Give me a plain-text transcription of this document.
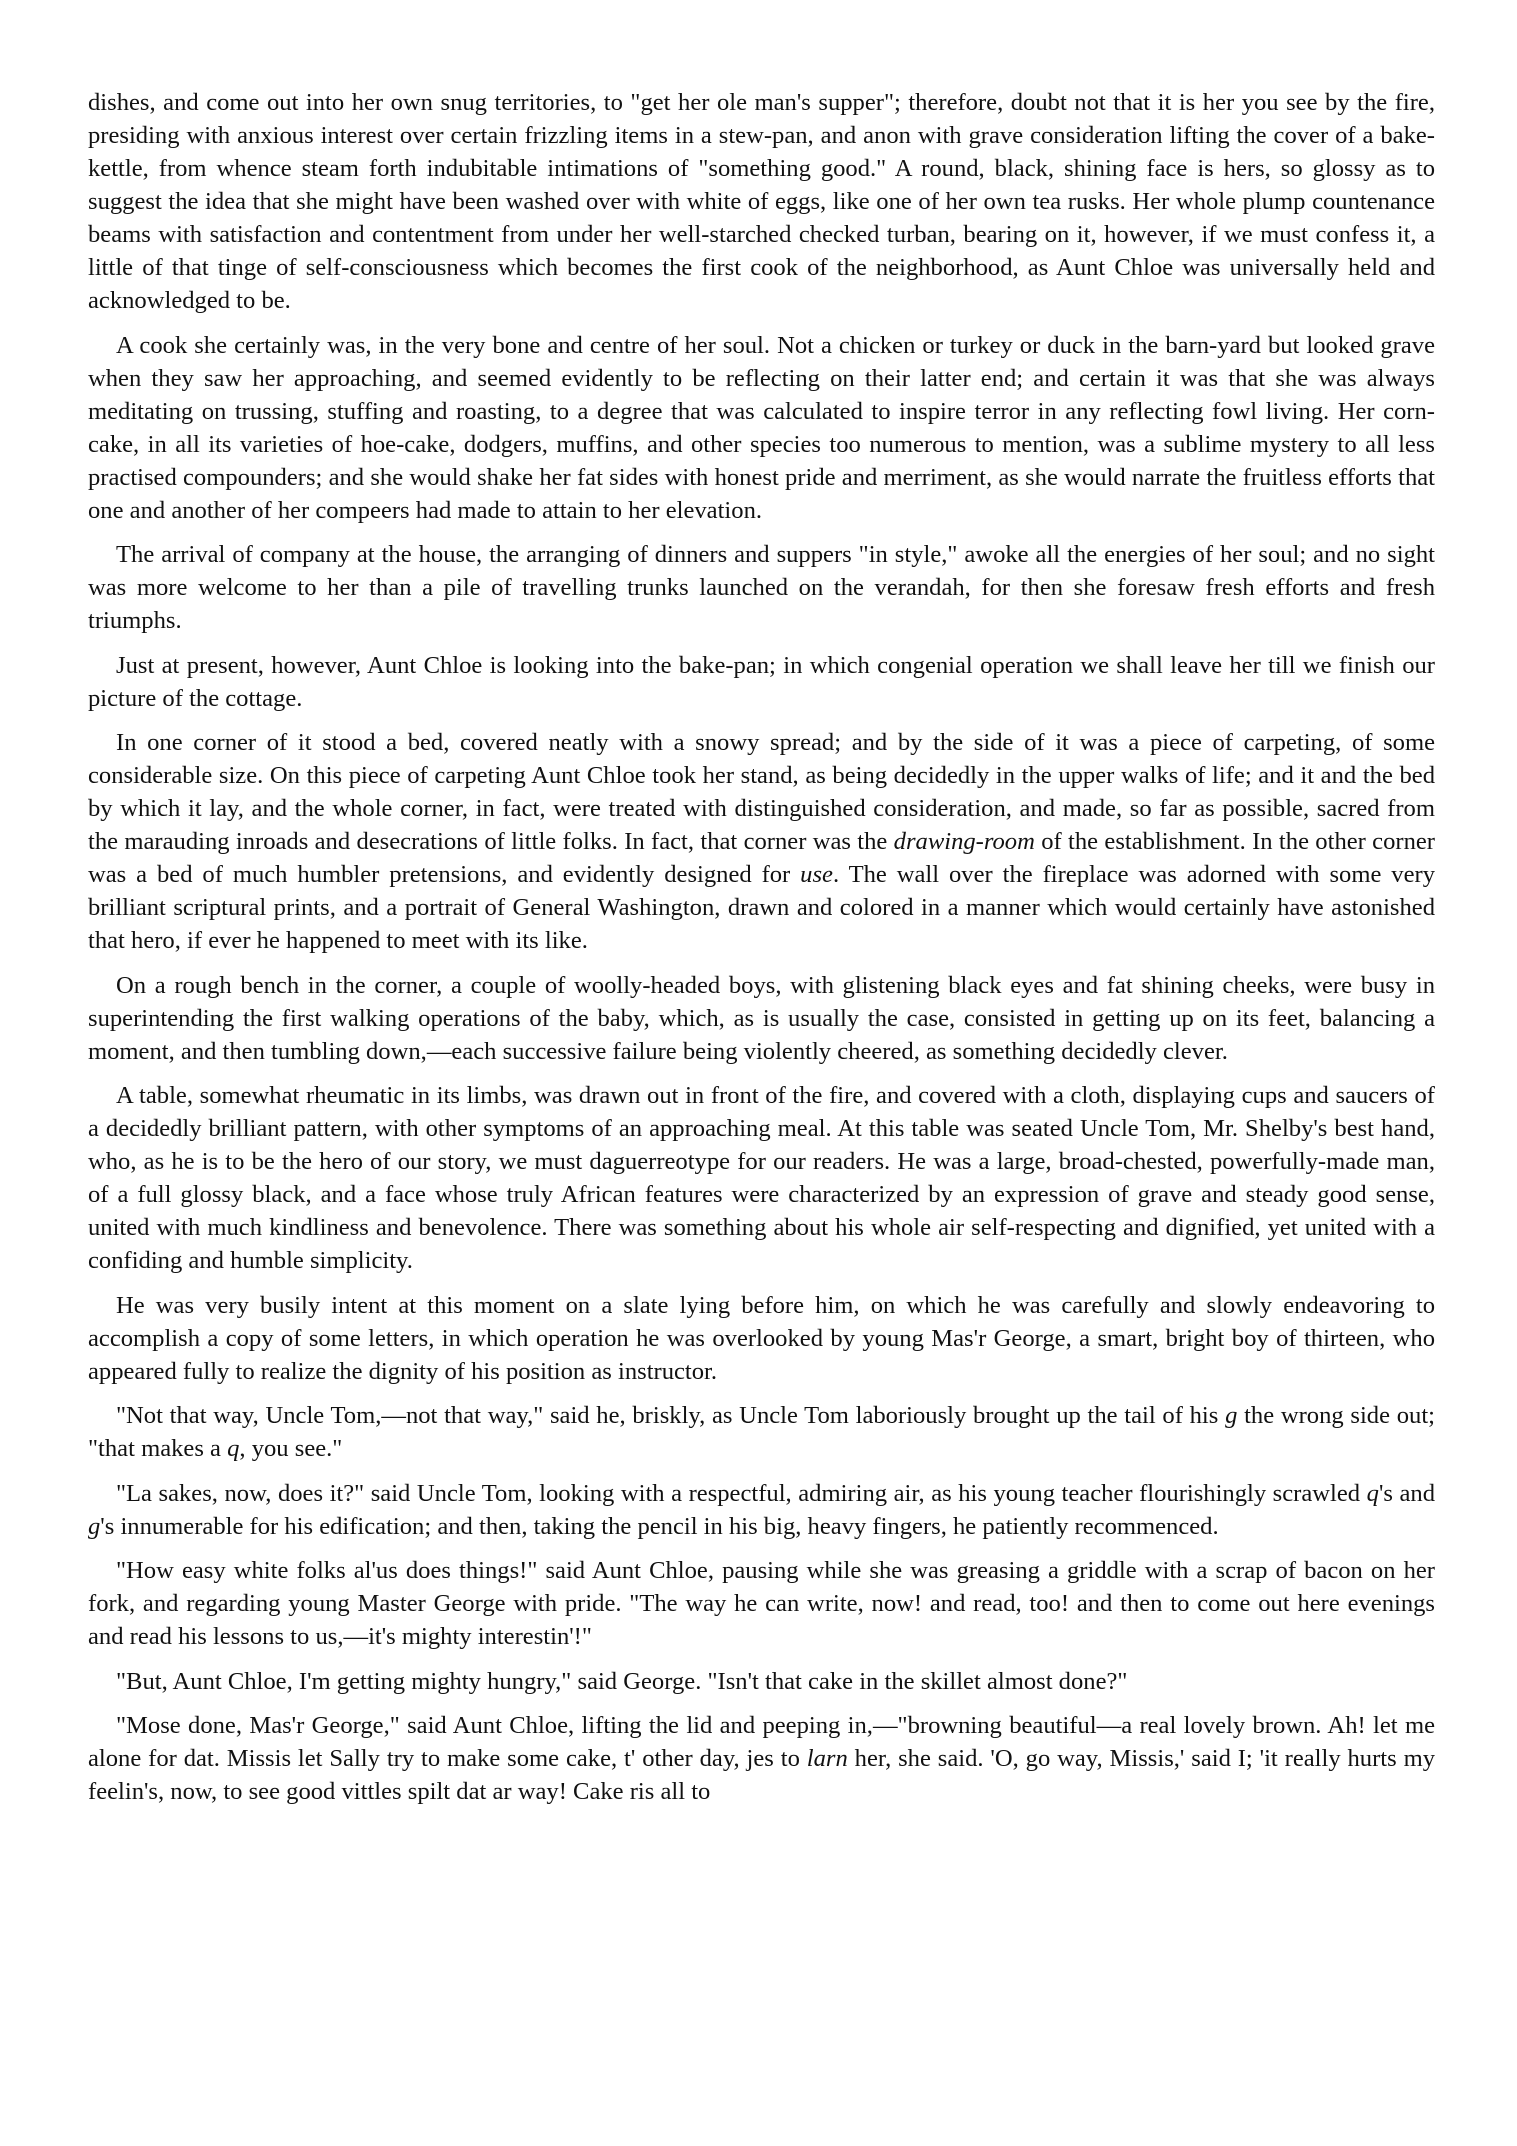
dishes, and come out into her own snug territories, to "get her ole man's supper"; therefore, doubt not that it is her you see by the fire, presiding with anxious interest over certain frizzling items in a stew-pan, and anon with grave consideration lifting the cover of a bake-kettle, from whence steam forth indubitable intimations of "something good." A round, black, shining face is hers, so glossy as to suggest the idea that she might have been washed over with white of eggs, like one of her own tea rusks. Her whole plump countenance beams with satisfaction and contentment from under her well-starched checked turban, bearing on it, however, if we must confess it, a little of that tinge of self-consciousness which becomes the first cook of the neighborhood, as Aunt Chloe was universally held and acknowledged to be.

A cook she certainly was, in the very bone and centre of her soul. Not a chicken or turkey or duck in the barn-yard but looked grave when they saw her approaching, and seemed evidently to be reflecting on their latter end; and certain it was that she was always meditating on trussing, stuffing and roasting, to a degree that was calculated to inspire terror in any reflecting fowl living. Her corn-cake, in all its varieties of hoe-cake, dodgers, muffins, and other species too numerous to mention, was a sublime mystery to all less practised compounders; and she would shake her fat sides with honest pride and merriment, as she would narrate the fruitless efforts that one and another of her compeers had made to attain to her elevation.

The arrival of company at the house, the arranging of dinners and suppers "in style," awoke all the energies of her soul; and no sight was more welcome to her than a pile of travelling trunks launched on the verandah, for then she foresaw fresh efforts and fresh triumphs.

Just at present, however, Aunt Chloe is looking into the bake-pan; in which congenial operation we shall leave her till we finish our picture of the cottage.

In one corner of it stood a bed, covered neatly with a snowy spread; and by the side of it was a piece of carpeting, of some considerable size. On this piece of carpeting Aunt Chloe took her stand, as being decidedly in the upper walks of life; and it and the bed by which it lay, and the whole corner, in fact, were treated with distinguished consideration, and made, so far as possible, sacred from the marauding inroads and desecrations of little folks. In fact, that corner was the drawing-room of the establishment. In the other corner was a bed of much humbler pretensions, and evidently designed for use. The wall over the fireplace was adorned with some very brilliant scriptural prints, and a portrait of General Washington, drawn and colored in a manner which would certainly have astonished that hero, if ever he happened to meet with its like.

On a rough bench in the corner, a couple of woolly-headed boys, with glistening black eyes and fat shining cheeks, were busy in superintending the first walking operations of the baby, which, as is usually the case, consisted in getting up on its feet, balancing a moment, and then tumbling down,—each successive failure being violently cheered, as something decidedly clever.

A table, somewhat rheumatic in its limbs, was drawn out in front of the fire, and covered with a cloth, displaying cups and saucers of a decidedly brilliant pattern, with other symptoms of an approaching meal. At this table was seated Uncle Tom, Mr. Shelby's best hand, who, as he is to be the hero of our story, we must daguerreotype for our readers. He was a large, broad-chested, powerfully-made man, of a full glossy black, and a face whose truly African features were characterized by an expression of grave and steady good sense, united with much kindliness and benevolence. There was something about his whole air self-respecting and dignified, yet united with a confiding and humble simplicity.

He was very busily intent at this moment on a slate lying before him, on which he was carefully and slowly endeavoring to accomplish a copy of some letters, in which operation he was overlooked by young Mas'r George, a smart, bright boy of thirteen, who appeared fully to realize the dignity of his position as instructor.

"Not that way, Uncle Tom,—not that way," said he, briskly, as Uncle Tom laboriously brought up the tail of his g the wrong side out; "that makes a q, you see."

"La sakes, now, does it?" said Uncle Tom, looking with a respectful, admiring air, as his young teacher flourishingly scrawled q's and g's innumerable for his edification; and then, taking the pencil in his big, heavy fingers, he patiently recommenced.

"How easy white folks al'us does things!" said Aunt Chloe, pausing while she was greasing a griddle with a scrap of bacon on her fork, and regarding young Master George with pride. "The way he can write, now! and read, too! and then to come out here evenings and read his lessons to us,—it's mighty interestin'!"

"But, Aunt Chloe, I'm getting mighty hungry," said George. "Isn't that cake in the skillet almost done?"

"Mose done, Mas'r George," said Aunt Chloe, lifting the lid and peeping in,—"browning beautiful—a real lovely brown. Ah! let me alone for dat. Missis let Sally try to make some cake, t' other day, jes to larn her, she said. 'O, go way, Missis,' said I; 'it really hurts my feelin's, now, to see good vittles spilt dat ar way! Cake ris all to
